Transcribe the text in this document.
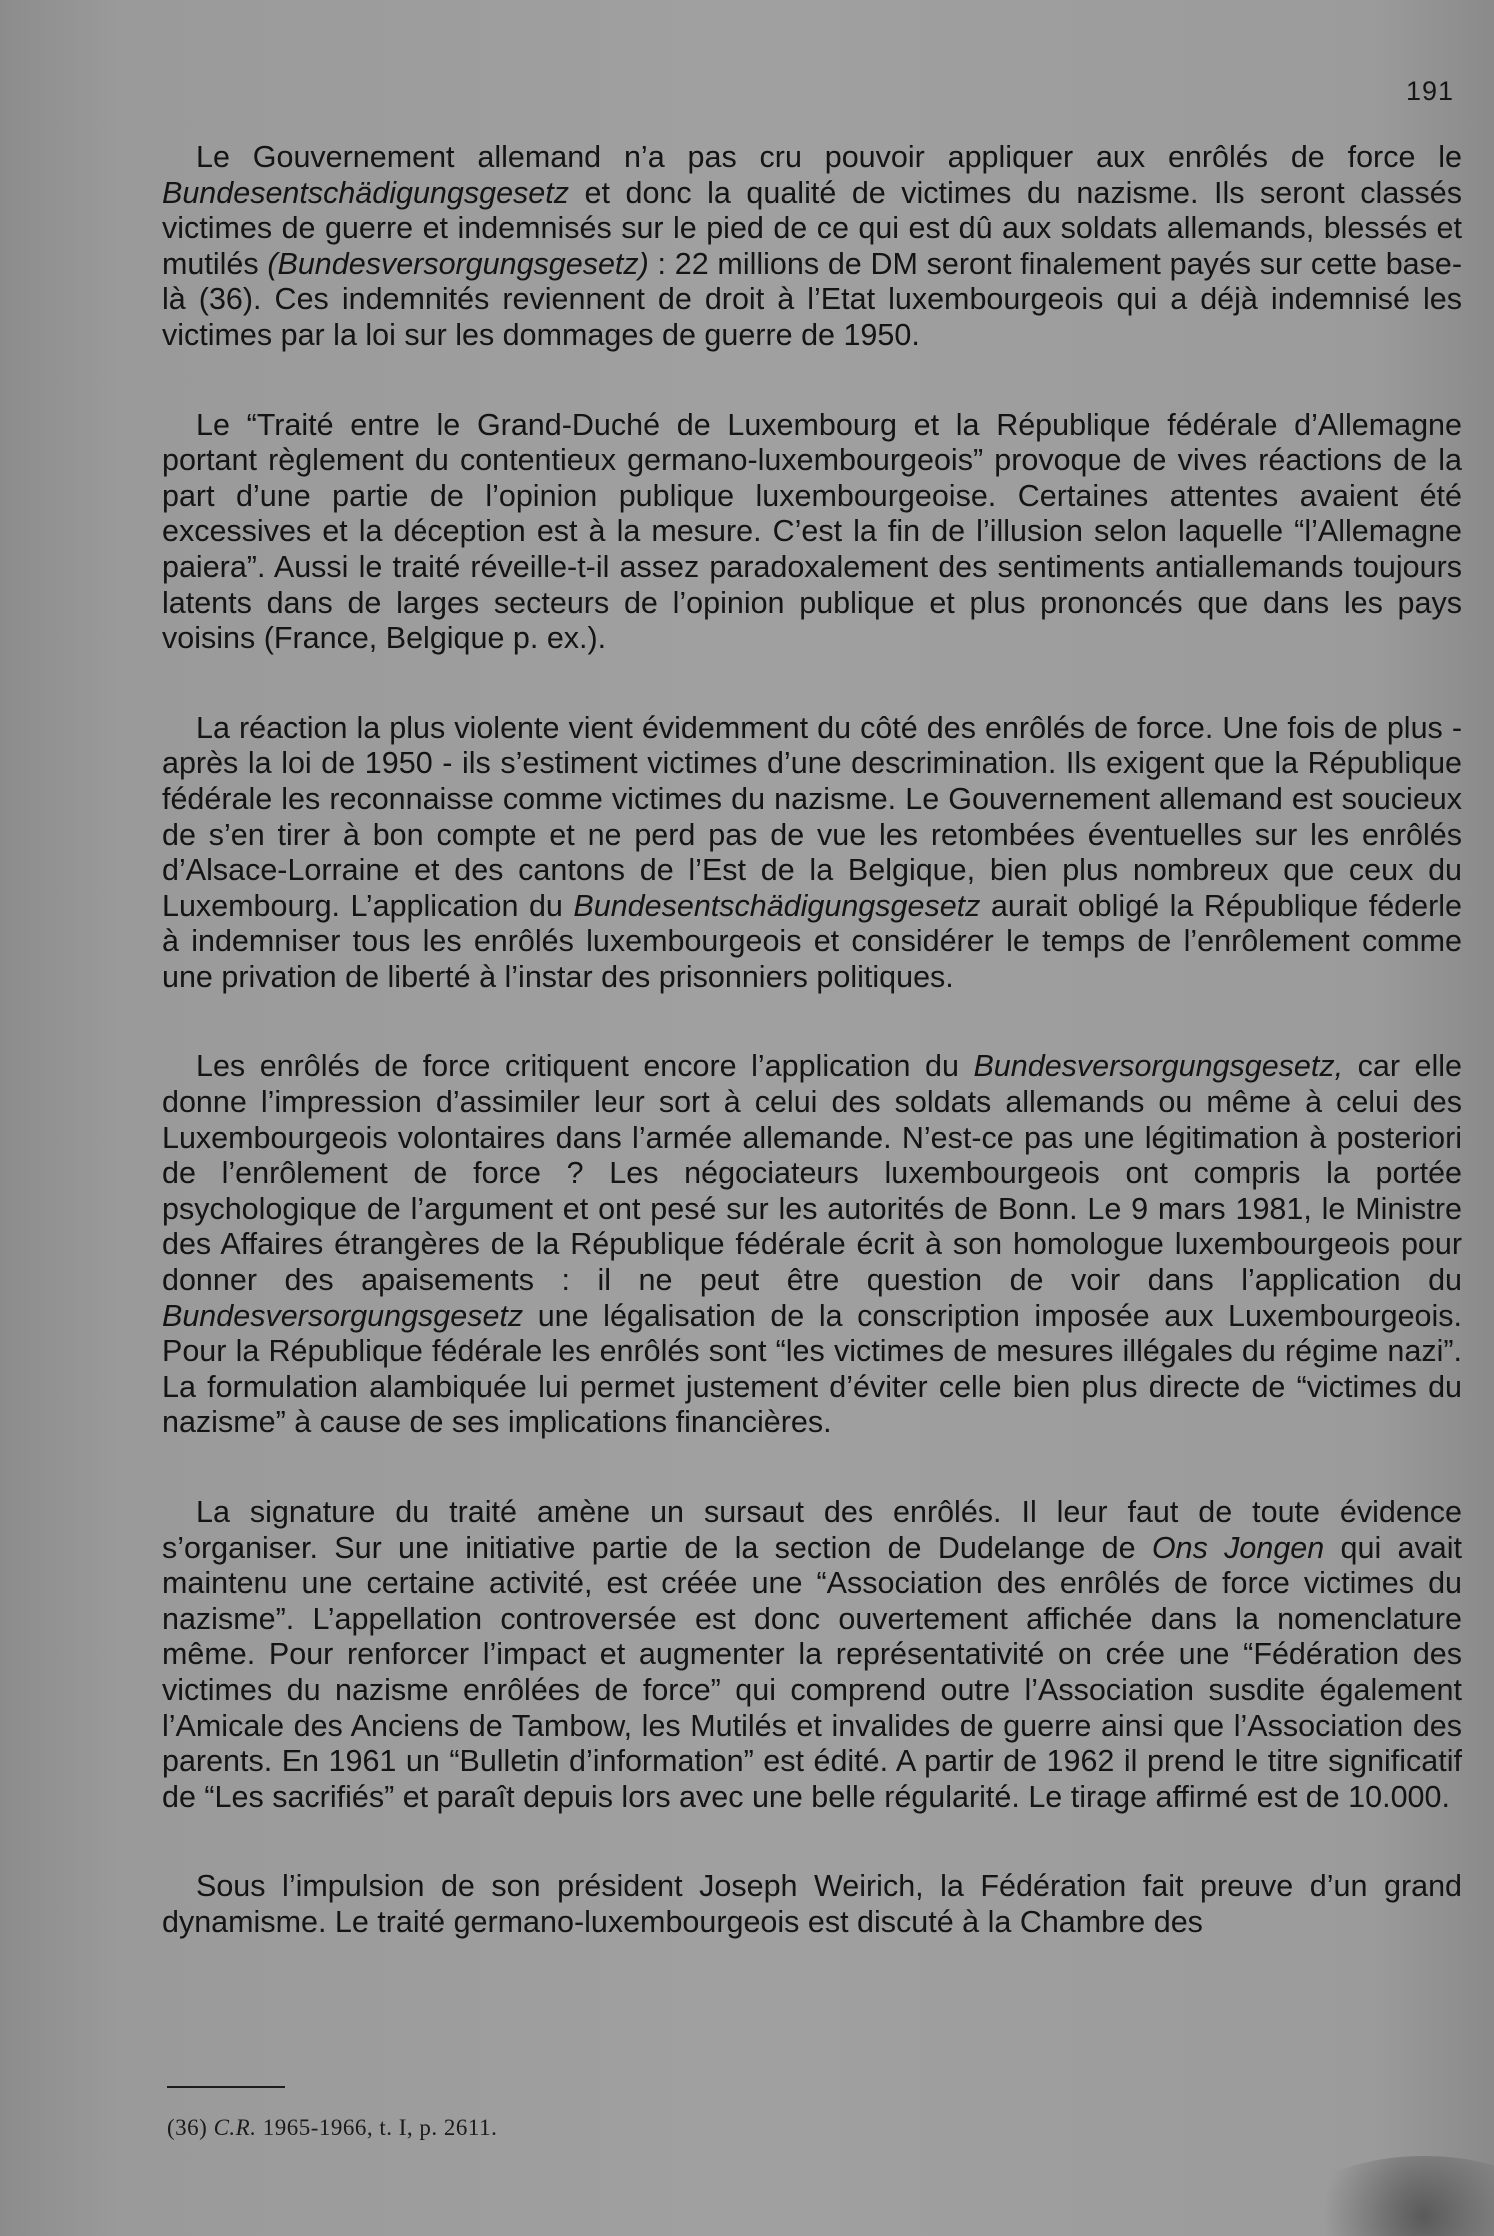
191

Le Gouvernement allemand n’a pas cru pouvoir appliquer aux enrôlés de force le Bundesentschädigungsgesetz et donc la qualité de victimes du nazisme. Ils seront classés victimes de guerre et indemnisés sur le pied de ce qui est dû aux soldats allemands, blessés et mutilés (Bundesversorgungsgesetz) : 22 millions de DM seront finalement payés sur cette base-là (36). Ces indemnités reviennent de droit à l’Etat luxembourgeois qui a déjà indemnisé les victimes par la loi sur les dommages de guerre de 1950.

Le “Traité entre le Grand-Duché de Luxembourg et la République fédérale d’Allemagne portant règlement du contentieux germano-luxembourgeois” provoque de vives réactions de la part d’une partie de l’opinion publique luxembourgeoise. Certaines attentes avaient été excessives et la déception est à la mesure. C’est la fin de l’illusion selon laquelle “l’Allemagne paiera”. Aussi le traité réveille-t-il assez paradoxalement des sentiments antiallemands toujours latents dans de larges secteurs de l’opinion publique et plus prononcés que dans les pays voisins (France, Belgique p. ex.).

La réaction la plus violente vient évidemment du côté des enrôlés de force. Une fois de plus - après la loi de 1950 - ils s’estiment victimes d’une descrimination. Ils exigent que la République fédérale les reconnaisse comme victimes du nazisme. Le Gouvernement allemand est soucieux de s’en tirer à bon compte et ne perd pas de vue les retombées éventuelles sur les enrôlés d’Alsace-Lorraine et des cantons de l’Est de la Belgique, bien plus nombreux que ceux du Luxembourg. L’application du Bundesentschädigungsgesetz aurait obligé la République féderle à indemniser tous les enrôlés luxembourgeois et considérer le temps de l’enrôlement comme une privation de liberté à l’instar des prisonniers politiques.

Les enrôlés de force critiquent encore l’application du Bundesversorgungsgesetz, car elle donne l’impression d’assimiler leur sort à celui des soldats allemands ou même à celui des Luxembourgeois volontaires dans l’armée allemande. N’est-ce pas une légitimation à posteriori de l’enrôlement de force ? Les négociateurs luxembourgeois ont compris la portée psychologique de l’argument et ont pesé sur les autorités de Bonn. Le 9 mars 1981, le Ministre des Affaires étrangères de la République fédérale écrit à son homologue luxembourgeois pour donner des apaisements : il ne peut être question de voir dans l’application du Bundesversorgungsgesetz une légalisation de la conscription imposée aux Luxembourgeois. Pour la République fédérale les enrôlés sont “les victimes de mesures illégales du régime nazi”. La formulation alambiquée lui permet justement d’éviter celle bien plus directe de “victimes du nazisme” à cause de ses implications financières.

La signature du traité amène un sursaut des enrôlés. Il leur faut de toute évidence s’organiser. Sur une initiative partie de la section de Dudelange de Ons Jongen qui avait maintenu une certaine activité, est créée une “Association des enrôlés de force victimes du nazisme”. L’appellation controversée est donc ouvertement affichée dans la nomenclature même. Pour renforcer l’impact et augmenter la représentativité on crée une “Fédération des victimes du nazisme enrôlées de force” qui comprend outre l’Association susdite également l’Amicale des Anciens de Tambow, les Mutilés et invalides de guerre ainsi que l’Association des parents. En 1961 un “Bulletin d’information” est édité. A partir de 1962 il prend le titre significatif de “Les sacrifiés” et paraît depuis lors avec une belle régularité. Le tirage affirmé est de 10.000.

Sous l’impulsion de son président Joseph Weirich, la Fédération fait preuve d’un grand dynamisme. Le traité germano-luxembourgeois est discuté à la Chambre des

(36) C.R. 1965-1966, t. I, p. 2611.
